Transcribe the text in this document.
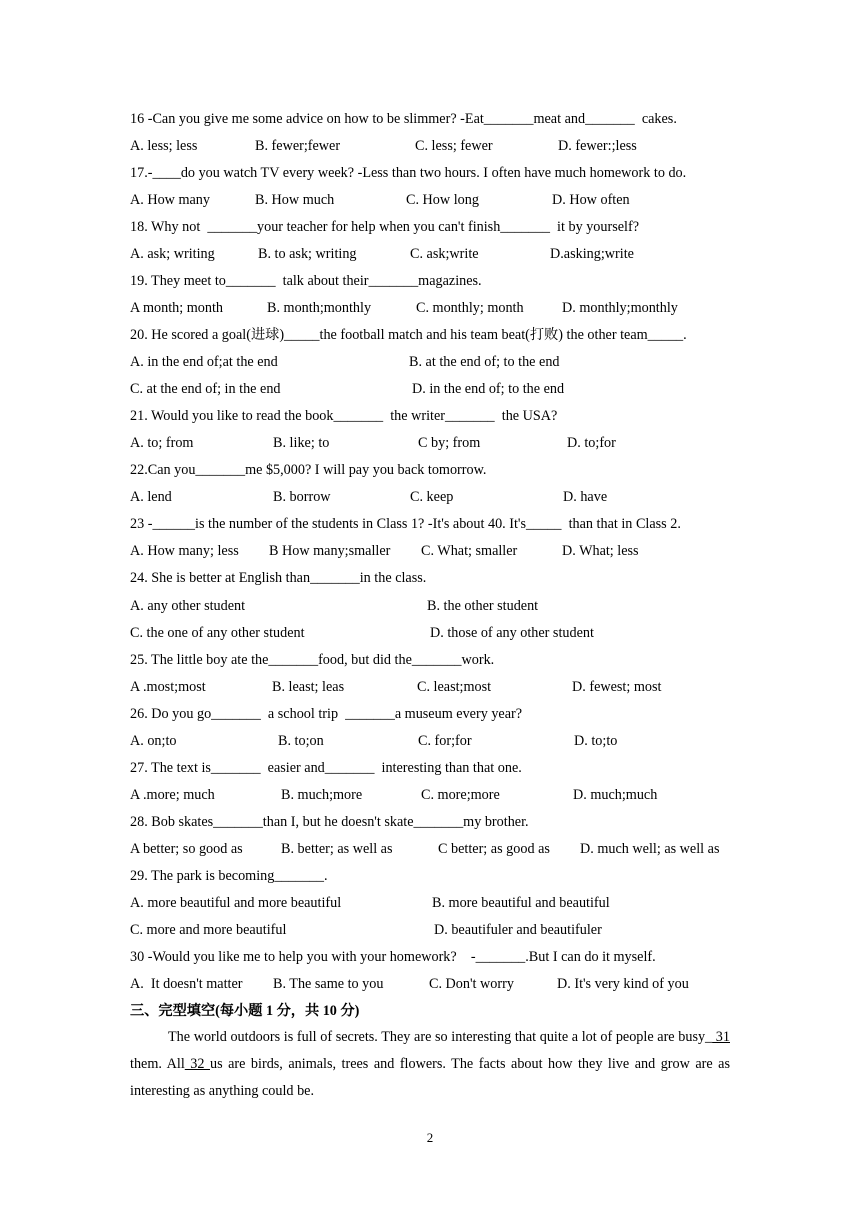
16 -Can you give me some advice on how to be slimmer? -Eat_______meat and_______  cakes.
A. less; less	B. fewer;fewer	C. less; fewer	D. fewer:;less
17.-____do you watch TV every week? -Less than two hours. I often have much homework to do.
A. How many	B. How much	C. How long	D. How often
18. Why not  _______your teacher for help when you can't finish_______  it by yourself?
A. ask; writing	B. to ask; writing	C. ask;write	D.asking;write
19. They meet to_______  talk about their_______magazines.
A month; month	B. month;monthly	C. monthly; month	D. monthly;monthly
20. He scored a goal(进球)_____the football match and his team beat(打败) the other team_____.
A. in the end of;at the end	B. at the end of; to the end
C. at the end of; in the end	D. in the end of; to the end
21. Would you like to read the book_______  the writer_______  the USA?
A. to; from	B. like; to	C by; from	D. to;for
22.Can you_______me $5,000? I will pay you back tomorrow.
A. lend	B. borrow	C. keep	D. have
23 -______is the number of the students in Class 1? -It's about 40. It's_____  than that in Class 2.
A. How many; less B How many;smaller C. What; smaller	D. What; less
24. She is better at English than_______in the class.
A. any other student	B. the other student
C. the one of any other student	D. those of any other student
25. The little boy ate the_______food, but did the_______work.
A .most;most	B. least; leas	C. least;most	D. fewest; most
26. Do you go_______  a school trip  _______a museum every year?
A. on;to	B. to;on	C. for;for	D. to;to
27. The text is_______  easier and_______  interesting than that one.
A .more; much	B. much;more	C. more;more	D. much;much
28. Bob skates_______than I, but he doesn't skate_______my brother.
A better; so good as	B. better; as well as	C better; as good as D. much well; as well as
29. The park is becoming_______.
A. more beautiful and more beautiful	B. more beautiful and beautiful
C. more and more beautiful	D. beautifuler and beautifuler
30 -Would you like me to help you with your homework?    -_______.But I can do it myself.
A.  It doesn't matter B. The same to you	C. Don't worry	D. It's very kind of you
三、完型填空(每小题 1 分，共 10 分)
The world outdoors is full of secrets. They are so interesting that quite a lot of people are busy_ 31 them. All 32 us are birds, animals, trees and flowers. The facts about how they live and grow are as interesting as anything could be.
2
